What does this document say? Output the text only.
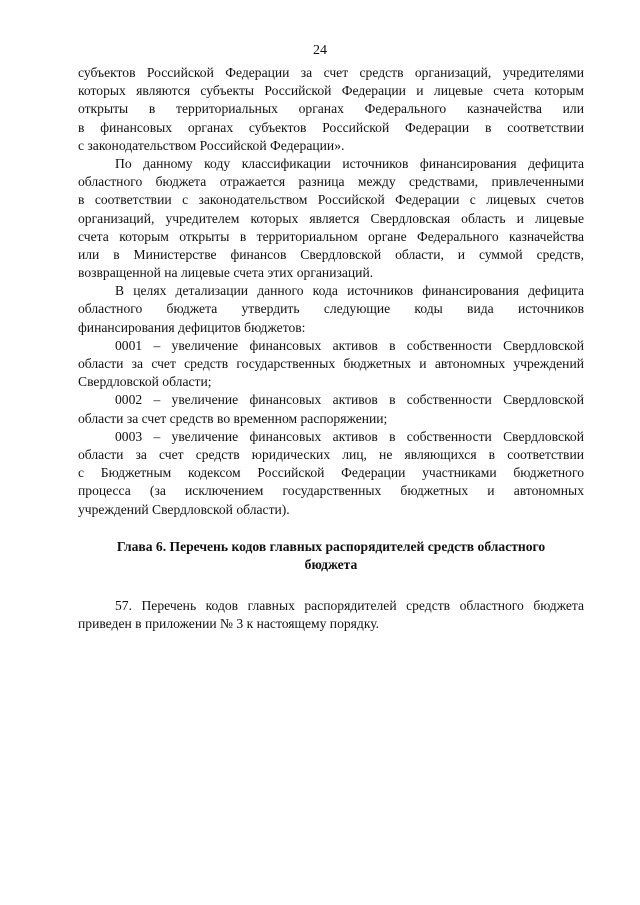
24
субъектов Российской Федерации за счет средств организаций, учредителями
которых являются субъекты Российской Федерации и лицевые счета которым
открыты в территориальных органах Федерального казначейства или
в финансовых органах субъектов Российской Федерации в соответствии
с законодательством Российской Федерации».
По данному коду классификации источников финансирования дефицита
областного бюджета отражается разница между средствами, привлеченными
в соответствии с законодательством Российской Федерации с лицевых счетов
организаций, учредителем которых является Свердловская область и лицевые
счета которым открыты в территориальном органе Федерального казначейства
или в Министерстве финансов Свердловской области, и суммой средств,
возвращенной на лицевые счета этих организаций.
В целях детализации данного кода источников финансирования дефицита
областного бюджета утвердить следующие коды вида источников
финансирования дефицитов бюджетов:
0001 – увеличение финансовых активов в собственности Свердловской
области за счет средств государственных бюджетных и автономных учреждений
Свердловской области;
0002 – увеличение финансовых активов в собственности Свердловской
области за счет средств во временном распоряжении;
0003 – увеличение финансовых активов в собственности Свердловской
области за счет средств юридических лиц, не являющихся в соответствии
с Бюджетным кодексом Российской Федерации участниками бюджетного
процесса (за исключением государственных бюджетных и автономных
учреждений Свердловской области).
Глава 6. Перечень кодов главных распорядителей средств областного
бюджета
57. Перечень кодов главных распорядителей средств областного бюджета
приведен в приложении № 3 к настоящему порядку.
